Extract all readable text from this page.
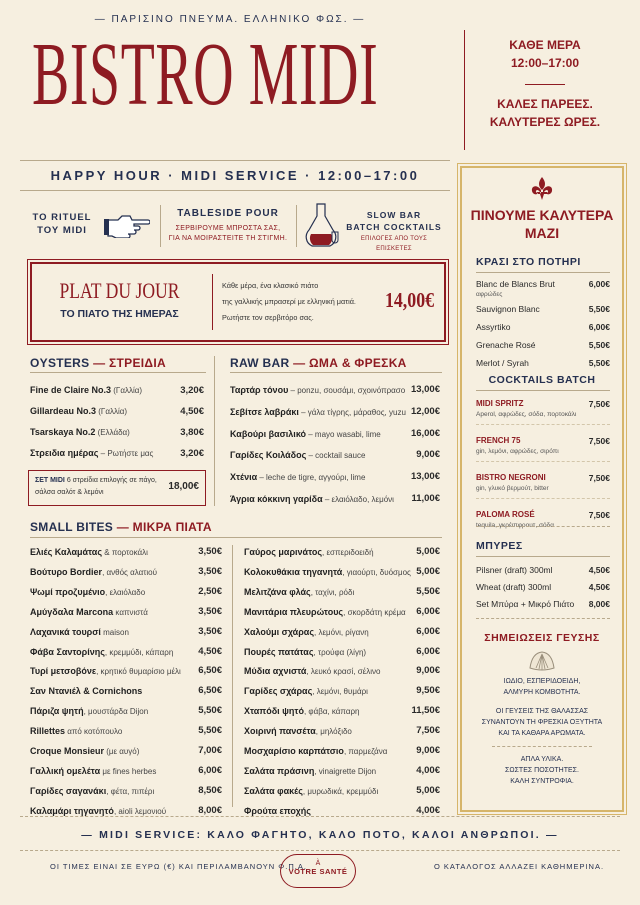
— ΠΑΡΙΣΙΝΟ ΠΝΕΥΜΑ. ΕΛΛΗΝΙΚΟ ΦΩΣ. —
BISTRO MIDI	ΚΑΘΕ ΜΕΡΑ
12:00–17:00
ΚΑΛΕΣ ΠΑΡΕΕΣ.
ΚΑΛΥΤΕΡΕΣ ΩΡΕΣ.
HAPPY HOUR · MIDI SERVICE · 12:00–17:00
TO RITUEL
ΤΟΥ MIDI
TABLESIDE POUR
ΣΕΡΒΙΡΟΥΜΕ ΜΠΡΟΣΤΑ ΣΑΣ,
ΓΙΑ ΝΑ ΜΟΙΡΑΣΤΕΙΤΕ ΤΗ ΣΤΙΓΜΗ.
SLOW BAR
BATCH COCKTAILS
ΕΠΙΛΟΓΕΣ ΑΠΟ ΤΟΥΣ ΕΠΙΣΚΕΤΕΣ
PLAT DU JOUR
ΤΟ ΠΙΑΤΟ ΤΗΣ ΗΜΕΡΑΣ
Κάθε μέρα, ένα κλασικό πιάτο
της γαλλικής μπρασερί με ελληνική ματιά.
Ρωτήστε τον σερβιτόρο σας.
14,00€
OYSTERS — ΣΤΡΕΙΔΙΑ
Fine de Claire No.3 (Γαλλία)	3,20€
Gillardeau No.3 (Γαλλία)	4,50€
Tsarskaya No.2 (Ελλάδα)	3,80€
Στρειδια ημέρας – Ρωτήστε μας	3,20€
ΣΕΤ MIDI 6 στρείδια επιλογής σε πάγο,
σάλσα σαλότ & λεμόνι
18,00€
RAW BAR — ΩΜΑ & ΦΡΕΣΚΑ
Ταρτάρ τόνου – ponzu, σουσάμι, σχοινόπρασο 13,00€
Σεβίτσε λαβράκι – γάλα τίγρης, μάραθος, yuzu 12,00€
Καβούρι βασιλικό – mayo wasabi, lime	16,00€
Γαρίδες Κοιλάδος – cocktail sauce	9,00€
Χτένια – leche de tigre, αγγούρι, lime	13,00€
Άγρια κόκκινη γαρίδα – ελαιόλαδο, λεμόνι 11,00€
SMALL BITES — ΜΙΚΡΑ ΠΙΑΤΑ
Ελιές Καλαμάτας & πορτοκάλι	3,50€
Βούτυρο Bordier, ανθός αλατιού	3,50€
Ψωμί προζυμένιο, ελαιόλαδο	2,50€
Αμύγδαλα Marcona καπνιστά	3,50€
Λαχανικά τουρσί maison	3,50€
Φάβα Σαντορίνης, κρεμμύδι, κάπαρη	4,50€
Τυρί μετσοβόνε, κρητικό θυμαρίσιο μέλι 6,50€
Σαν Ντανιέλ & Cornichons	6,50€
Πάριζα ψητή, μουστάρδα Dijon	5,50€
Rillettes από κοτόπουλο	5,50€
Croque Monsieur (με αυγό)	7,00€
Γαλλική ομελέτα με fines herbes	6,00€
Γαρίδες σαγανάκι, φέτα, πιπέρι	8,50€
Καλαμάρι τηγανητό, aioli λεμονιού	8,00€
Γαύρος μαρινάτος, εσπεριδοειδή	5,00€
Κολοκυθάκια τηγανητά, γιαούρτι, δυόσμος 5,00€
Μελιτζάνα φλάς, ταχίνι, ρόδι	5,50€
Μανιτάρια πλευρώτους, σκορδάτη κρέμα 6,00€
Χαλούμι σχάρας, λεμόνι, ρίγανη	6,00€
Πουρές πατάτας, τρούφα (λίγη)	6,00€
Μύδια αχνιστά, λευκό κρασί, σέλινο	9,00€
Γαρίδες σχάρας, λεμόνι, θυμάρι	9,50€
Χταπόδι ψητό, φάβα, κάπαρη	11,50€
Χοιρινή πανσέτα, μηλόξιδο	7,50€
Μοσχαρίσιο καρπάτσιο, παρμεζάνα	9,00€
Σαλάτα πράσινη, vinaigrette Dijon	4,00€
Σαλάτα φακές, μυρωδικά, κρεμμύδι	5,00€
Φρούτα εποχής	4,00€
ΠΙΝΟΥΜΕ ΚΑΛΥΤΕΡΑ
ΜΑΖΙ
ΚΡΑΣΙ ΣΤΟ ΠΟΤΗΡΙ
Blanc de Blancs Brut	6,00€
αφρώδες
Sauvignon Blanc	5,50€
Assyrtiko	6,00€
Grenache Rosé	5,50€
Merlot / Syrah	5,50€
COCKTAILS BATCH
MIDI SPRITZ	7,50€
Aperol, αφρώδες, σόδα, πορτοκάλι
FRENCH 75	7,50€
gin, λεμόνι, αφρώδες, σιρόπι
BISTRO NEGRONI	7,50€
gin, γλυκό βερμούτ, bitter
PALOMA ROSÉ	7,50€
tequila, γκρέιπφρουτ, σόδα
ΜΠΥΡΕΣ
Pilsner (draft) 300ml	4,50€
Wheat (draft) 300ml	4,50€
Set Μπύρα + Μικρό Πιάτο 8,00€
ΣΗΜΕΙΩΣΕΙΣ ΓΕΥΣΗΣ
ΙΩΔΙΟ, ΕΣΠΕΡΙΔΟΕΙΔΗ,
ΑΛΜΥΡΗ ΚΟΜΒΟΤΗΤΑ.
ΟΙ ΓΕΥΣΕΙΣ ΤΗΣ ΘΑΛΑΣΣΑΣ
ΣΥΝΑΝΤΟΥΝ ΤΗ ΦΡΕΣΚΙΑ ΟΞΥΤΗΤΑ
ΚΑΙ ΤΑ ΚΑΘΑΡΑ ΑΡΩΜΑΤΑ.
ΑΠΛΑ ΥΛΙΚΑ.
ΣΩΣΤΕΣ ΠΟΣΟΤΗΤΕΣ.
ΚΑΛΗ ΣΥΝΤΡΟΦΙΑ.
— MIDI SERVICE: ΚΑΛΟ ΦΑΓΗΤΟ, ΚΑΛΟ ΠΟΤΟ, ΚΑΛΟΙ ΑΝΘΡΩΠΟΙ. —
ΟΙ ΤΙΜΕΣ ΕΙΝΑΙ ΣΕ ΕΥΡΩ (€) ΚΑΙ ΠΕΡΙΛΑΜΒΑΝΟΥΝ Φ.Π.Α.	À
VOTRE SANTÉ
Ο ΚΑΤΑΛΟΓΟΣ ΑΛΛΑΖΕΙ ΚΑΘΗΜΕΡΙΝΑ.
